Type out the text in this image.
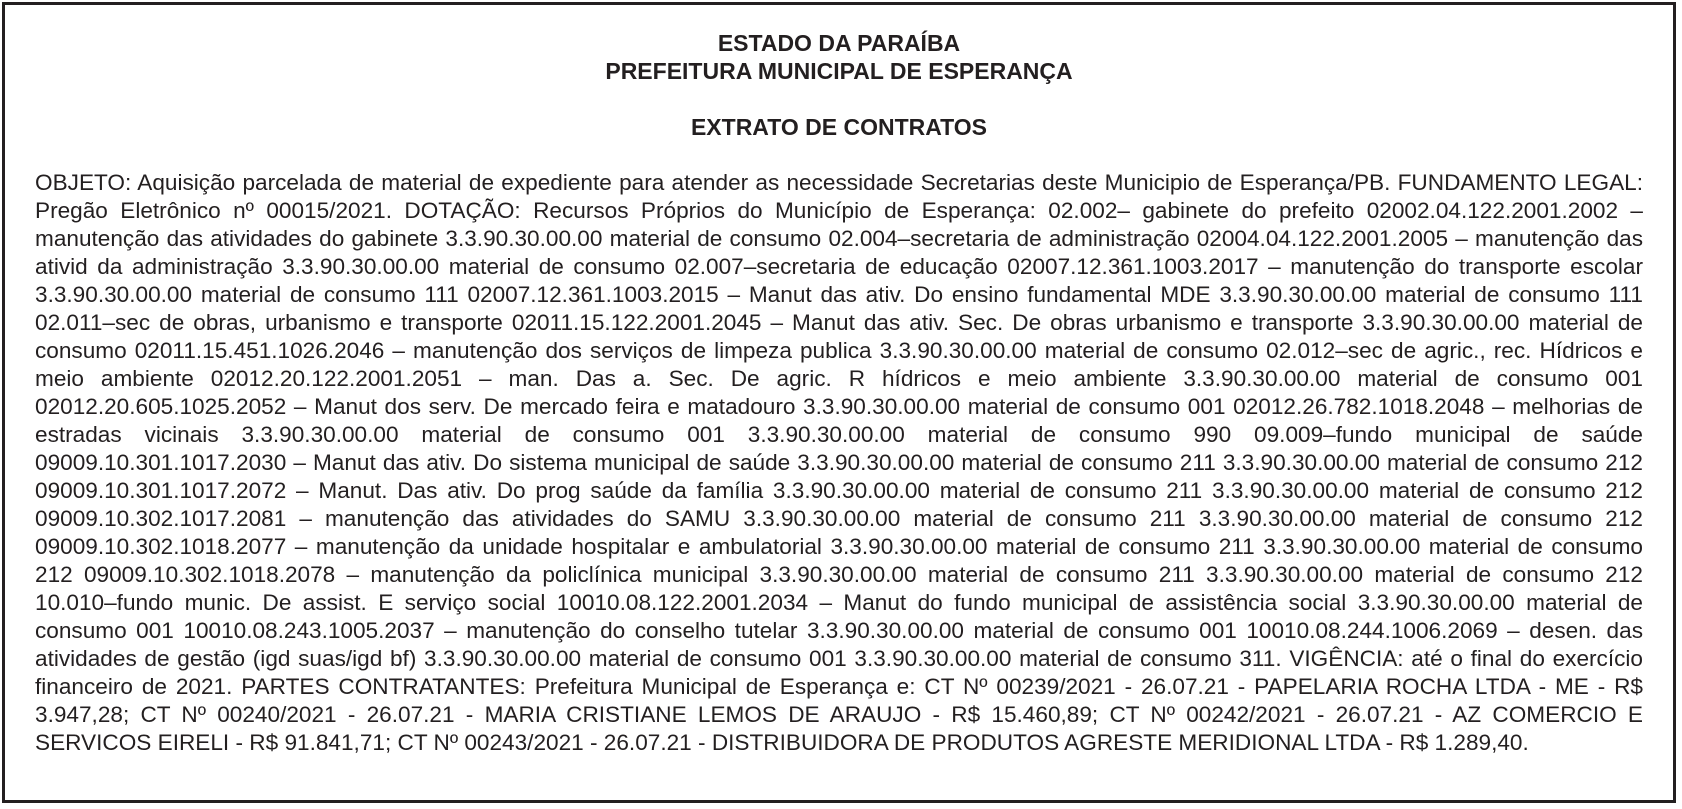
ESTADO DA PARAÍBA
PREFEITURA MUNICIPAL DE ESPERANÇA
EXTRATO DE CONTRATOS

OBJETO: Aquisição parcelada de material de expediente para atender as necessidade Secretarias deste Municipio de Esperança/PB. FUNDAMENTO LEGAL: Pregão Eletrônico nº 00015/2021. DOTAÇÃO: Recursos Próprios do Município de Esperança: 02.002– gabinete do prefeito 02002.04.122.2001.2002 – manutenção das atividades do gabinete 3.3.90.30.00.00 material de consumo 02.004–secretaria de administração 02004.04.122.2001.2005 – manutenção das ativid da administração 3.3.90.30.00.00 material de consumo 02.007–secretaria de educação 02007.12.361.1003.2017 – manutenção do transporte escolar 3.3.90.30.00.00 material de consumo 111 02007.12.361.1003.2015 – Manut das ativ. Do ensino fundamental MDE 3.3.90.30.00.00 material de consumo 111 02.011–sec de obras, urbanismo e transporte 02011.15.122.2001.2045 – Manut das ativ. Sec. De obras urbanismo e transporte 3.3.90.30.00.00 material de consumo 02011.15.451.1026.2046 – manutenção dos serviços de limpeza publica 3.3.90.30.00.00 material de consumo 02.012–sec de agric., rec. Hídricos e meio ambiente 02012.20.122.2001.2051 – man. Das a. Sec. De agric. R hídricos e meio ambiente 3.3.90.30.00.00 material de consumo 001 02012.20.605.1025.2052 – Manut dos serv. De mercado feira e matadouro 3.3.90.30.00.00 material de consumo 001 02012.26.782.1018.2048 – melhorias de estradas vicinais 3.3.90.30.00.00 material de consumo 001 3.3.90.30.00.00 material de consumo 990 09.009–fundo municipal de saúde 09009.10.301.1017.2030 – Manut das ativ. Do sistema municipal de saúde 3.3.90.30.00.00 material de consumo 211 3.3.90.30.00.00 material de consumo 212 09009.10.301.1017.2072 – Manut. Das ativ. Do prog saúde da família 3.3.90.30.00.00 material de consumo 211 3.3.90.30.00.00 material de consumo 212 09009.10.302.1017.2081 – manutenção das atividades do SAMU 3.3.90.30.00.00 material de consumo 211 3.3.90.30.00.00 material de consumo 212 09009.10.302.1018.2077 – manutenção da unidade hospitalar e ambulatorial 3.3.90.30.00.00 material de consumo 211 3.3.90.30.00.00 material de consumo 212 09009.10.302.1018.2078 – manutenção da policlínica municipal 3.3.90.30.00.00 material de consumo 211 3.3.90.30.00.00 material de consumo 212 10.010–fundo munic. De assist. E serviço social 10010.08.122.2001.2034 – Manut do fundo municipal de assistência social 3.3.90.30.00.00 material de consumo 001 10010.08.243.1005.2037 – manutenção do conselho tutelar 3.3.90.30.00.00 material de consumo 001 10010.08.244.1006.2069 – desen. das atividades de gestão (igd suas/igd bf) 3.3.90.30.00.00 material de consumo 001 3.3.90.30.00.00 material de consumo 311. VIGÊNCIA: até o final do exercício financeiro de 2021. PARTES CONTRATANTES: Prefeitura Municipal de Esperança e: CT Nº 00239/2021 - 26.07.21 - PAPELARIA ROCHA LTDA - ME - R$ 3.947,28; CT Nº 00240/2021 - 26.07.21 - MARIA CRISTIANE LEMOS DE ARAUJO - R$ 15.460,89; CT Nº 00242/2021 - 26.07.21 - AZ COMERCIO E SERVICOS EIRELI - R$ 91.841,71; CT Nº 00243/2021 - 26.07.21 - DISTRIBUIDORA DE PRODUTOS AGRESTE MERIDIONAL LTDA - R$ 1.289,40.
